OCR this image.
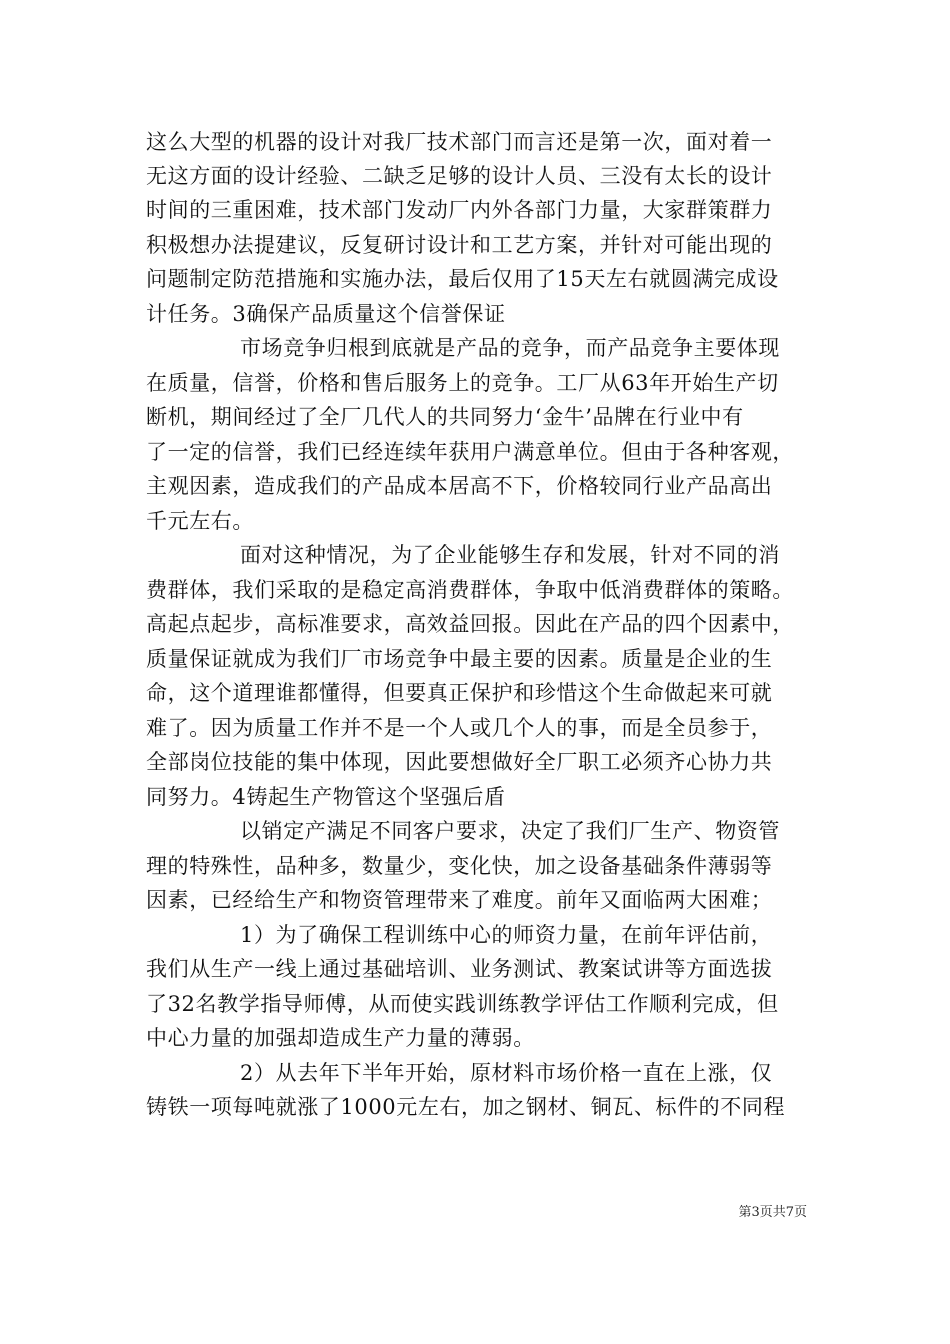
这么大型的机器的设计对我厂技术部门而言还是第一次，面对着一
无这方面的设计经验、二缺乏足够的设计人员、三没有太长的设计
时间的三重困难，技术部门发动厂内外各部门力量，大家群策群力
积极想办法提建议，反复研讨设计和工艺方案，并针对可能出现的
问题制定防范措施和实施办法，最后仅用了15天左右就圆满完成设
计任务。3确保产品质量这个信誉保证
市场竞争归根到底就是产品的竞争，而产品竞争主要体现
在质量，信誉，价格和售后服务上的竞争。工厂从63年开始生产切
断机，期间经过了全厂几代人的共同努力‘金牛’品牌在行业中有
了一定的信誉，我们已经连续年获用户满意单位。但由于各种客观，
主观因素，造成我们的产品成本居高不下，价格较同行业产品高出
千元左右。
面对这种情况，为了企业能够生存和发展，针对不同的消
费群体，我们采取的是稳定高消费群体，争取中低消费群体的策略。
高起点起步，高标准要求，高效益回报。因此在产品的四个因素中，
质量保证就成为我们厂市场竞争中最主要的因素。质量是企业的生
命，这个道理谁都懂得，但要真正保护和珍惜这个生命做起来可就
难了。因为质量工作并不是一个人或几个人的事，而是全员参于，
全部岗位技能的集中体现，因此要想做好全厂职工必须齐心协力共
同努力。4铸起生产物管这个坚强后盾
以销定产满足不同客户要求，决定了我们厂生产、物资管
理的特殊性，品种多，数量少，变化快，加之设备基础条件薄弱等
因素，已经给生产和物资管理带来了难度。前年又面临两大困难；
1）为了确保工程训练中心的师资力量，在前年评估前，
我们从生产一线上通过基础培训、业务测试、教案试讲等方面选拔
了32名教学指导师傅，从而使实践训练教学评估工作顺利完成，但
中心力量的加强却造成生产力量的薄弱。
2）从去年下半年开始，原材料市场价格一直在上涨，仅
铸铁一项每吨就涨了1000元左右，加之钢材、铜瓦、标件的不同程
第3页共7页
